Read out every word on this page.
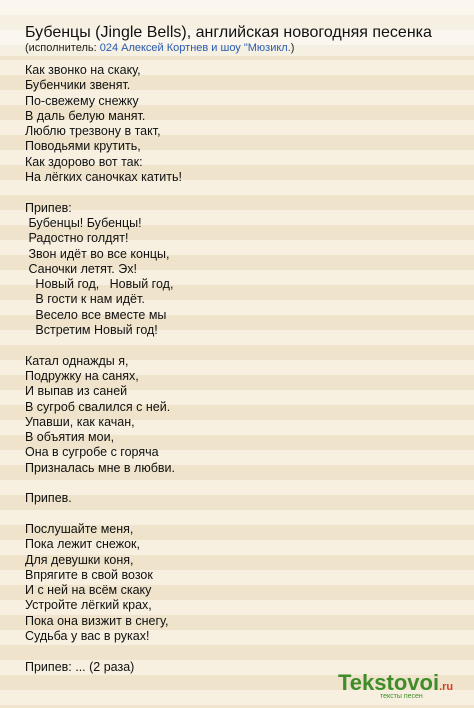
Бубенцы (Jingle Bells), английская новогодняя песенка
(исполнитель: 024 Алексей Кортнев и шоу "Мюзикл.)
Как звонко на скаку,
Бубенчики звенят.
По-свежему снежку
В даль белую манят.
Люблю трезвону в такт,
Поводьями крутить,
Как здорово вот так:
На лёгких саночках катить!
Припев:
Бубенцы! Бубенцы!
Радостно голдят!
Звон идёт во все концы,
Саночки летят. Эх!
Новый год,   Новый год,
В гости к нам идёт.
Весело все вместе мы
Встретим Новый год!
Катал однажды я,
Подружку на санях,
И выпав из саней
В сугроб свалился с ней.
Упавши, как качан,
В объятия мои,
Она в сугробе с горяча
Призналась мне в любви.
Припев.
Послушайте меня,
Пока лежит снежок,
Для девушки коня,
Впрягите в свой возок
И с ней на всём скаку
Устройте лёгкий крах,
Пока она визжит в снегу,
Судьба у вас в руках!
Припев: ... (2 раза)
Tekstovoi.ru
тексты песен
